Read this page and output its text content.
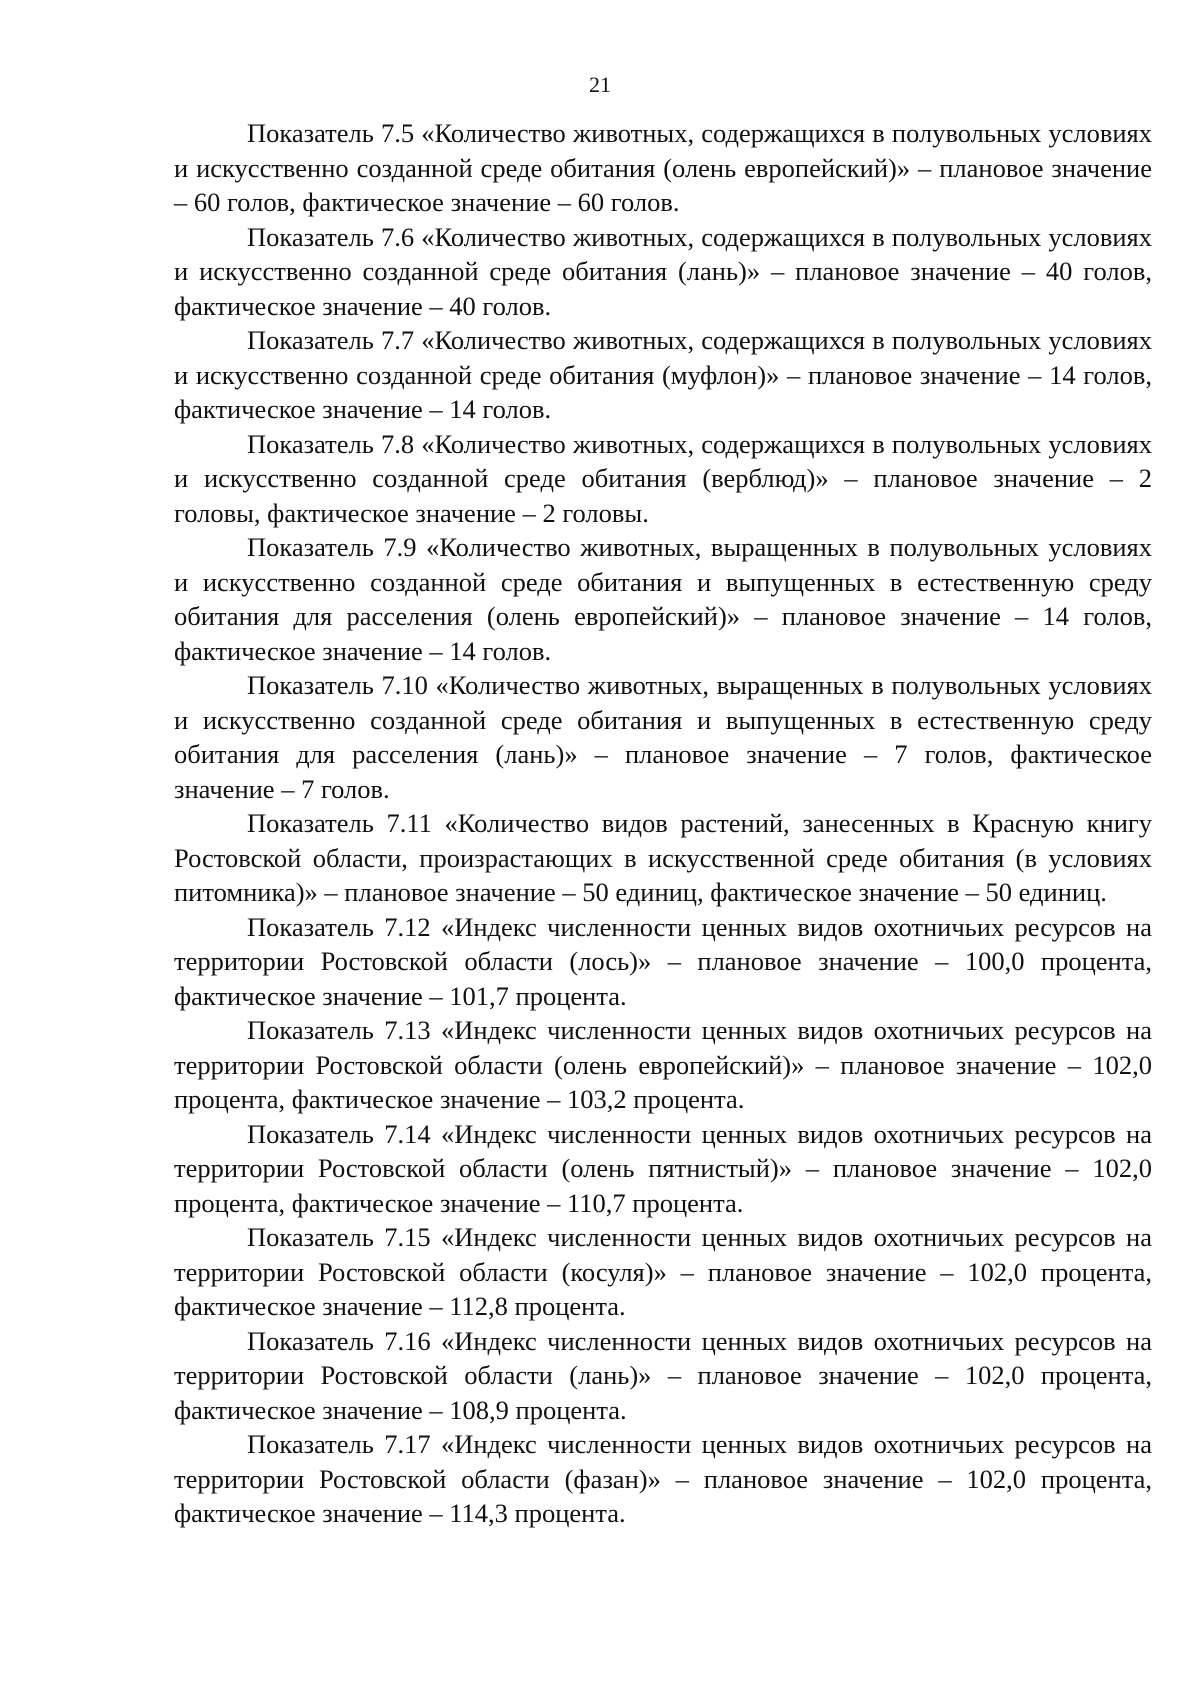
21

Показатель 7.5 «Количество животных, содержащихся в полувольных условиях и искусственно созданной среде обитания (олень европейский)» – плановое значение – 60 голов, фактическое значение – 60 голов.

Показатель 7.6 «Количество животных, содержащихся в полувольных условиях и искусственно созданной среде обитания (лань)» – плановое значение – 40 голов, фактическое значение – 40 голов.

Показатель 7.7 «Количество животных, содержащихся в полувольных условиях и искусственно созданной среде обитания (муфлон)» – плановое значение – 14 голов, фактическое значение – 14 голов.

Показатель 7.8 «Количество животных, содержащихся в полувольных условиях и искусственно созданной среде обитания (верблюд)» – плановое значение – 2 головы, фактическое значение – 2 головы.

Показатель 7.9 «Количество животных, выращенных в полувольных условиях и искусственно созданной среде обитания и выпущенных в естественную среду обитания для расселения (олень европейский)» – плановое значение – 14 голов, фактическое значение – 14 голов.

Показатель 7.10 «Количество животных, выращенных в полувольных условиях и искусственно созданной среде обитания и выпущенных в естественную среду обитания для расселения (лань)» – плановое значение – 7 голов, фактическое значение – 7 голов.

Показатель 7.11 «Количество видов растений, занесенных в Красную книгу Ростовской области, произрастающих в искусственной среде обитания (в условиях питомника)» – плановое значение – 50 единиц, фактическое значение – 50 единиц.

Показатель 7.12 «Индекс численности ценных видов охотничьих ресурсов на территории Ростовской области (лось)» – плановое значение – 100,0 процента, фактическое значение – 101,7 процента.

Показатель 7.13 «Индекс численности ценных видов охотничьих ресурсов на территории Ростовской области (олень европейский)» – плановое значение – 102,0 процента, фактическое значение – 103,2 процента.

Показатель 7.14 «Индекс численности ценных видов охотничьих ресурсов на территории Ростовской области (олень пятнистый)» – плановое значение – 102,0 процента, фактическое значение – 110,7 процента.

Показатель 7.15 «Индекс численности ценных видов охотничьих ресурсов на территории Ростовской области (косуля)» – плановое значение – 102,0 процента, фактическое значение – 112,8 процента.

Показатель 7.16 «Индекс численности ценных видов охотничьих ресурсов на территории Ростовской области (лань)» – плановое значение – 102,0 процента, фактическое значение – 108,9 процента.

Показатель 7.17 «Индекс численности ценных видов охотничьих ресурсов на территории Ростовской области (фазан)» – плановое значение – 102,0 процента, фактическое значение – 114,3 процента.
